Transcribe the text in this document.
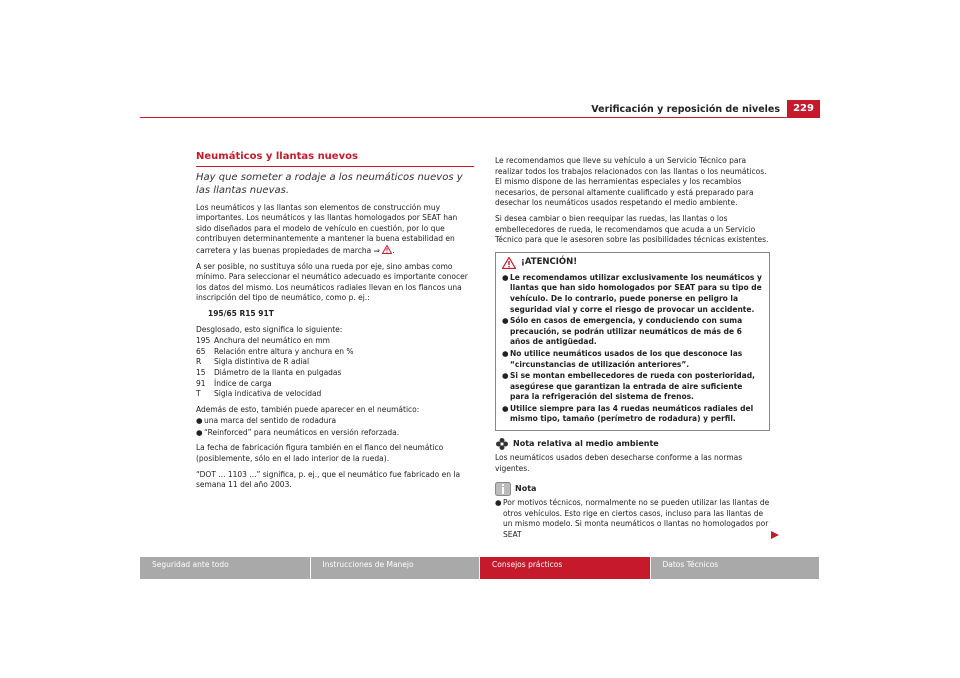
229
Verificación y reposición de niveles
Neumáticos y llantas nuevos
Hay que someter a rodaje a los neumáticos nuevos y las llantas nuevas.

Los neumáticos y las llantas son elementos de construcción muy importantes. Los neumáticos y las llantas homologados por SEAT han sido diseñados para el modelo de vehículo en cuestión, por lo que contribuyen determinantemente a mantener la buena estabilidad en carretera y las buenas propiedades de marcha ⇒ .

A ser posible, no sustituya sólo una rueda por eje, sino ambas como mínimo. Para seleccionar el neumático adecuado es importante conocer los datos del mismo. Los neumáticos radiales llevan en los flancos una inscripción del tipo de neumático, como p. ej.:

195/65 R15 91T

Desglosado, esto significa lo siguiente:

195 Anchura del neumático en mm
65	Relación entre altura y anchura en %
R	Sigla distintiva de R adial
15	Diámetro de la llanta en pulgadas
91	Índice de carga
T	Sigla indicativa de velocidad

Además de esto, también puede aparecer en el neumático:

● una marca del sentido de rodadura
● “Reinforced” para neumáticos en versión reforzada.

La fecha de fabricación figura también en el flanco del neumático (posiblemente, sólo en el lado interior de la rueda).

“DOT ... 1103 ...” significa, p. ej., que el neumático fue fabricado en la semana 11 del año 2003.

Le recomendamos que lleve su vehículo a un Servicio Técnico para realizar todos los trabajos relacionados con las llantas o los neumáticos. El mismo dispone de las herramientas especiales y los recambios necesarios, de personal altamente cualificado y está preparado para desechar los neumáticos usados respetando el medio ambiente.

Si desea cambiar o bien reequipar las ruedas, las llantas o los embellecedores de rueda, le recomendamos que acuda a un Servicio Técnico para que le asesoren sobre las posibilidades técnicas existentes.

¡ATENCIÓN!
● Le recomendamos utilizar exclusivamente los neumáticos y llantas que han sido homologados por SEAT para su tipo de vehículo. De lo contrario, puede ponerse en peligro la seguridad vial y corre el riesgo de provocar un accidente.
● Sólo en casos de emergencia, y conduciendo con suma precaución, se podrán utilizar neumáticos de más de 6 años de antigüedad.
● No utilice neumáticos usados de los que desconoce las “circunstancias de utilización anteriores”.
● Si se montan embellecedores de rueda con posterioridad, asegúrese que garantizan la entrada de aire suficiente para la refrigeración del sistema de frenos.
● Utilice siempre para las 4 ruedas neumáticos radiales del mismo tipo, tamaño (perímetro de rodadura) y perfil.
Nota relativa al medio ambiente

Los neumáticos usados deben desecharse conforme a las normas vigentes.

Nota
● Por motivos técnicos, normalmente no se pueden utilizar las llantas de otros vehículos. Esto rige en ciertos casos, incluso para las llantas de un mismo modelo. Si monta neumáticos o llantas no homologados por SEAT
Seguridad ante todo	Instrucciones de Manejo	Consejos prácticos	Datos Técnicos
